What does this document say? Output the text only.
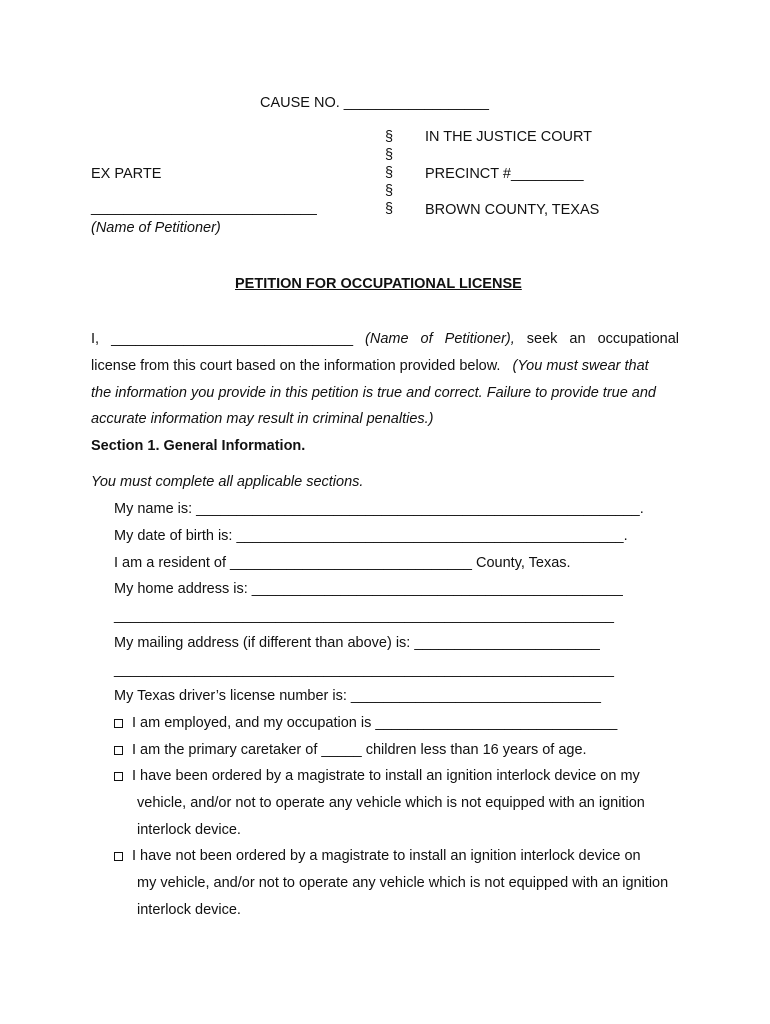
CAUSE NO. __________________
§
§
§
§
§
IN THE JUSTICE COURT
PRECINCT #_________
BROWN COUNTY, TEXAS
EX PARTE
____________________________
(Name of Petitioner)
PETITION FOR OCCUPATIONAL LICENSE
I, ______________________________ (Name of Petitioner), seek an occupational
license from this court based on the information provided below. (You must swear that
the information you provide in this petition is true and correct. Failure to provide true and
accurate information may result in criminal penalties.)
Section 1. General Information.
You must complete all applicable sections.
My name is: _______________________________________________________.
My date of birth is: ________________________________________________.
I am a resident of ______________________________ County, Texas.
My home address is: ______________________________________________
______________________________________________________________
My mailing address (if different than above) is: _______________________
______________________________________________________________
My Texas driver’s license number is: _______________________________
I am employed, and my occupation is ______________________________
I am the primary caretaker of _____ children less than 16 years of age.
I have been ordered by a magistrate to install an ignition interlock device on my
vehicle, and/or not to operate any vehicle which is not equipped with an ignition
interlock device.
I have not been ordered by a magistrate to install an ignition interlock device on
my vehicle, and/or not to operate any vehicle which is not equipped with an ignition
interlock device.
